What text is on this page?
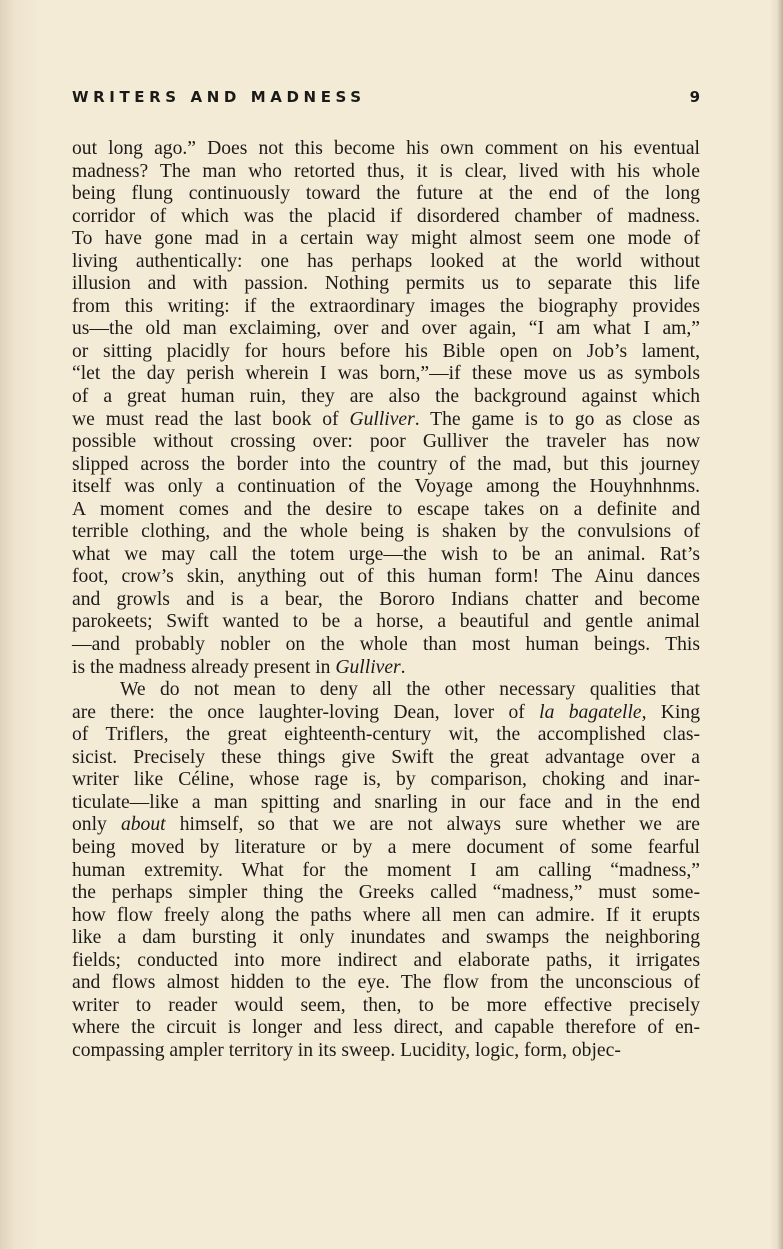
WRITERS AND MADNESS	9
out long ago.” Does not this become his own comment on his eventual
madness? The man who retorted thus, it is clear, lived with his whole
being flung continuously toward the future at the end of the long
corridor of which was the placid if disordered chamber of madness.
To have gone mad in a certain way might almost seem one mode of
living authentically: one has perhaps looked at the world without
illusion and with passion. Nothing permits us to separate this life
from this writing: if the extraordinary images the biography provides
us—the old man exclaiming, over and over again, “I am what I am,”
or sitting placidly for hours before his Bible open on Job’s lament,
“let the day perish wherein I was born,”—if these move us as symbols
of a great human ruin, they are also the background against which
we must read the last book of Gulliver. The game is to go as close as
possible without crossing over: poor Gulliver the traveler has now
slipped across the border into the country of the mad, but this journey
itself was only a continuation of the Voyage among the Houyhnhnms.
A moment comes and the desire to escape takes on a definite and
terrible clothing, and the whole being is shaken by the convulsions of
what we may call the totem urge—the wish to be an animal. Rat’s
foot, crow’s skin, anything out of this human form! The Ainu dances
and growls and is a bear, the Bororo Indians chatter and become
parokeets; Swift wanted to be a horse, a beautiful and gentle animal
—and probably nobler on the whole than most human beings. This
is the madness already present in Gulliver.
We do not mean to deny all the other necessary qualities that
are there: the once laughter-loving Dean, lover of la bagatelle, King
of Triflers, the great eighteenth-century wit, the accomplished clas-
sicist. Precisely these things give Swift the great advantage over a
writer like Céline, whose rage is, by comparison, choking and inar-
ticulate—like a man spitting and snarling in our face and in the end
only about himself, so that we are not always sure whether we are
being moved by literature or by a mere document of some fearful
human extremity. What for the moment I am calling “madness,”
the perhaps simpler thing the Greeks called “madness,” must some-
how flow freely along the paths where all men can admire. If it erupts
like a dam bursting it only inundates and swamps the neighboring
fields; conducted into more indirect and elaborate paths, it irrigates
and flows almost hidden to the eye. The flow from the unconscious of
writer to reader would seem, then, to be more effective precisely
where the circuit is longer and less direct, and capable therefore of en-
compassing ampler territory in its sweep. Lucidity, logic, form, objec-
